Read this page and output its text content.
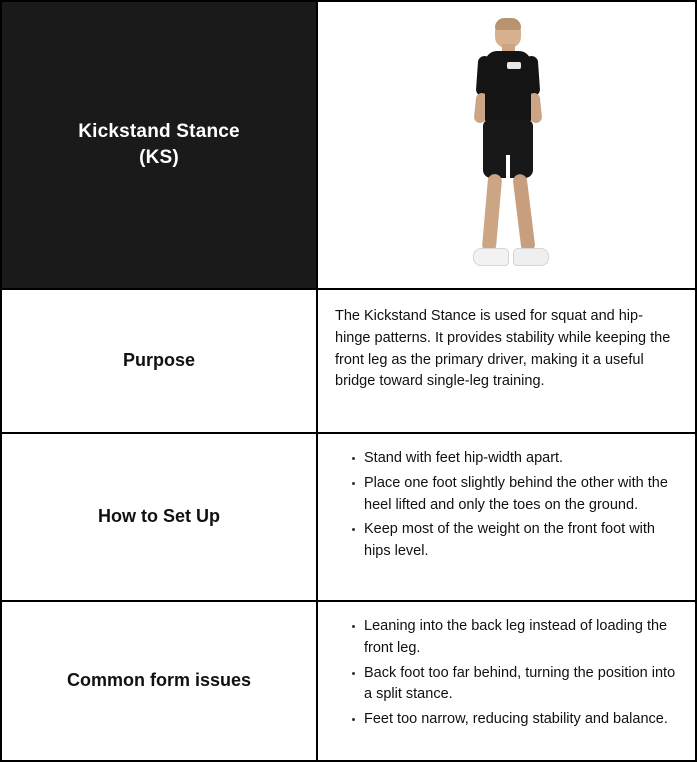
Kickstand Stance
(KS)
Purpose

The Kickstand Stance is used for squat and hip-hinge patterns. It provides stability while keeping the front leg as the primary driver, making it a useful bridge toward single-leg training.

How to Set Up
Stand with feet hip-width apart.
Place one foot slightly behind the other with the heel lifted and only the toes on the ground.
Keep most of the weight on the front foot with hips level.
Common form issues
Leaning into the back leg instead of loading the front leg.
Back foot too far behind, turning the position into a split stance.
Feet too narrow, reducing stability and balance.
